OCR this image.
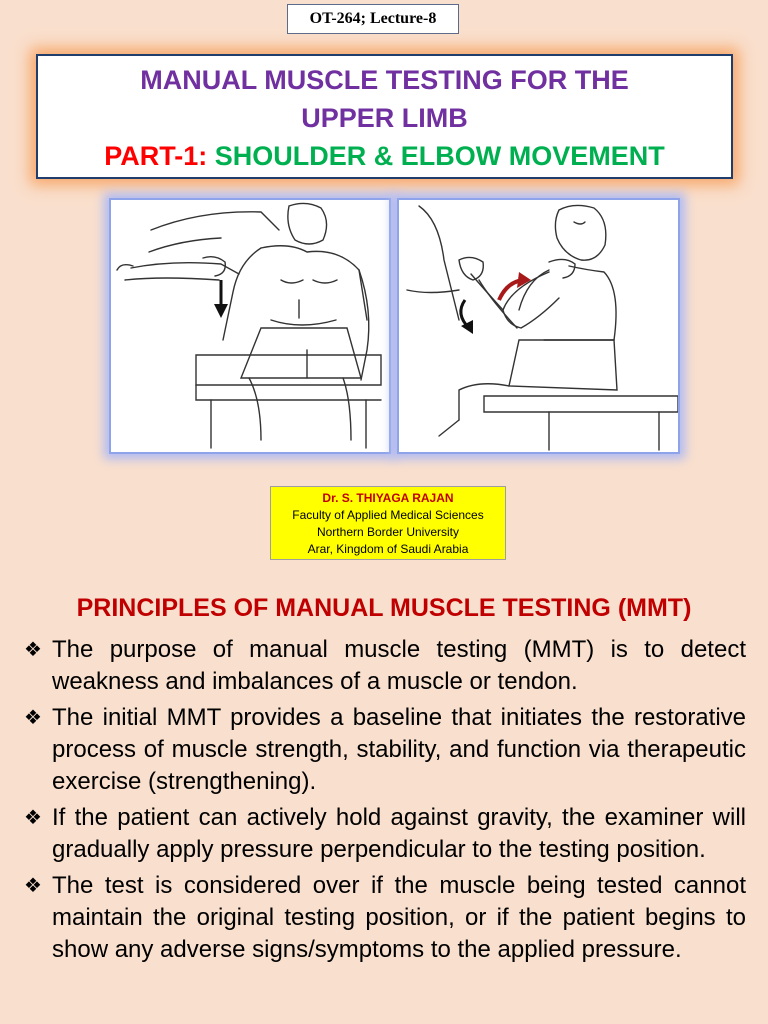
OT-264; Lecture-8
MANUAL MUSCLE TESTING FOR THE
UPPER LIMB
PART-1: SHOULDER & ELBOW MOVEMENT
Dr. S. THIYAGA RAJAN
Faculty of Applied Medical Sciences
Northern Border University
Arar, Kingdom of Saudi Arabia
PRINCIPLES OF MANUAL MUSCLE TESTING (MMT)
❖ The purpose of manual muscle testing (MMT) is to detect weakness and imbalances of a muscle or tendon.
❖ The initial MMT provides a baseline that initiates the restorative process of muscle strength, stability, and function via therapeutic exercise (strengthening).
❖ If the patient can actively hold against gravity, the examiner will gradually apply pressure perpendicular to the testing position.
❖ The test is considered over if the muscle being tested cannot maintain the original testing position, or if the patient begins to show any adverse signs/symptoms to the applied pressure.
